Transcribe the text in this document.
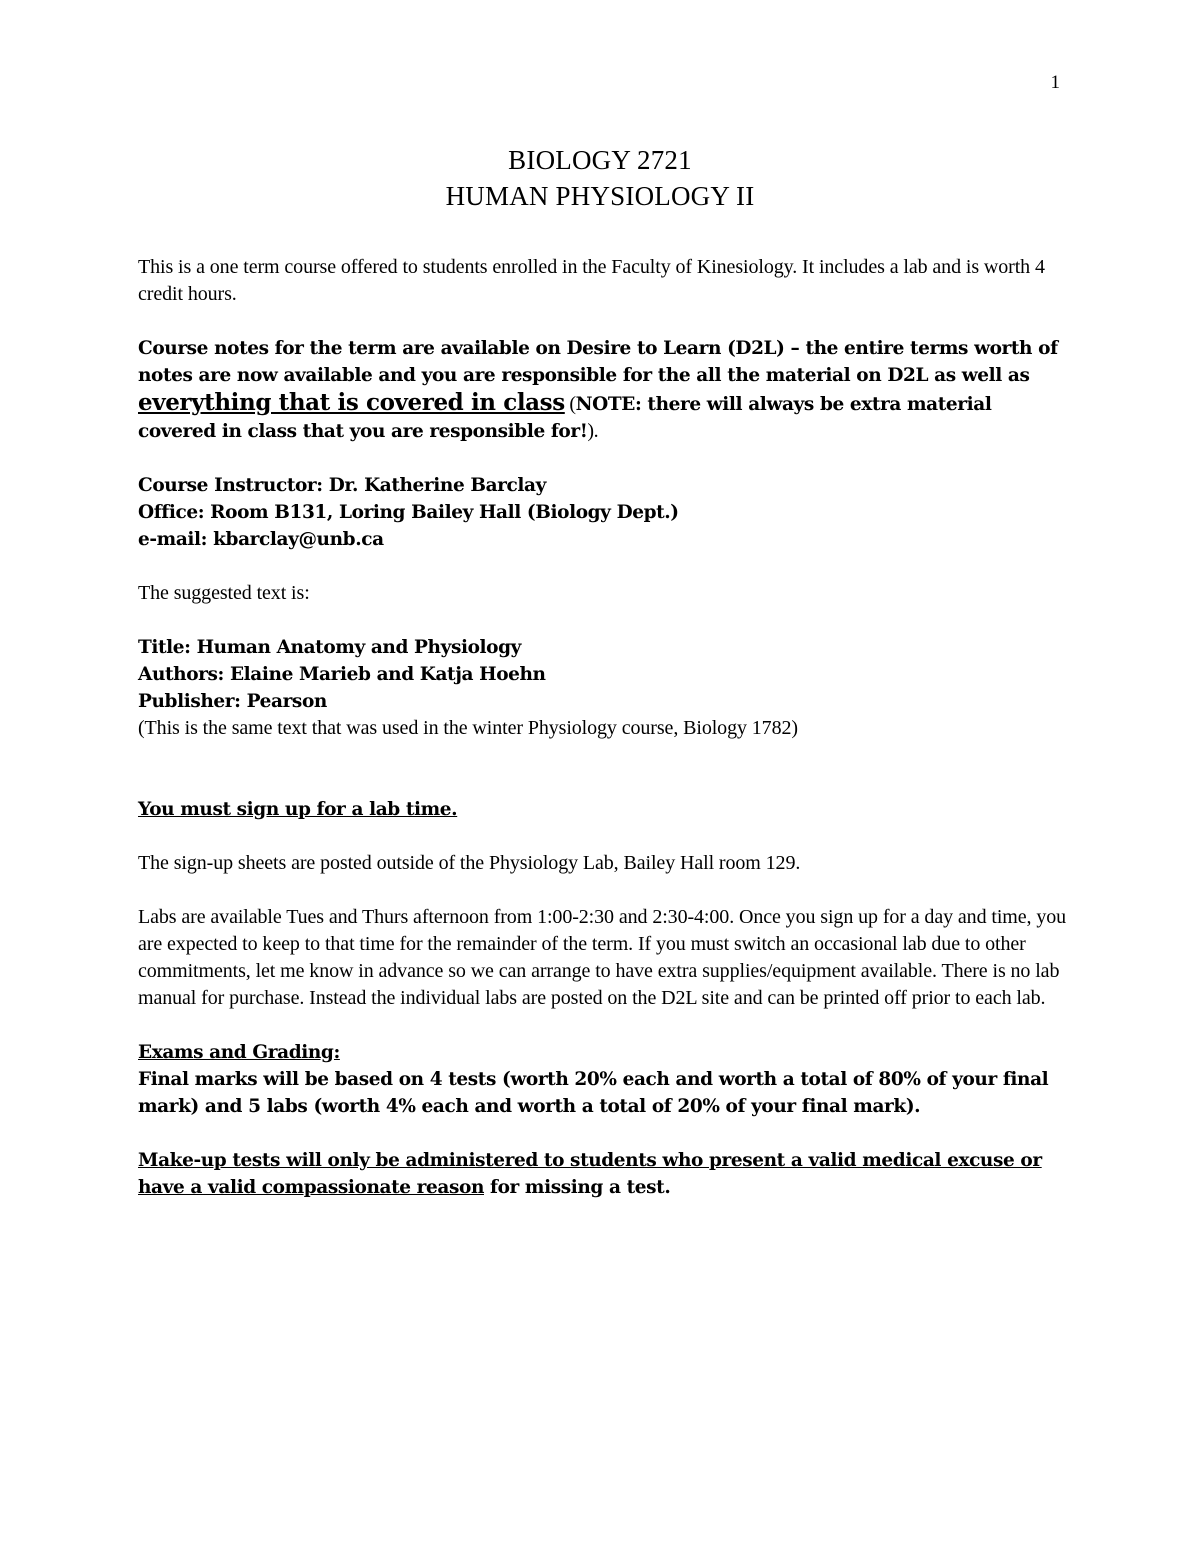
1
BIOLOGY 2721
HUMAN PHYSIOLOGY II

This is a one term course offered to students enrolled in the Faculty of Kinesiology. It includes a lab and is worth 4 credit hours.

Course notes for the term are available on Desire to Learn (D2L) – the entire terms worth of notes are now available and you are responsible for the all the material on D2L as well as everything that is covered in class (NOTE: there will always be extra material covered in class that you are responsible for!).

Course Instructor: Dr. Katherine Barclay

Office: Room B131, Loring Bailey Hall (Biology Dept.)

e-mail: kbarclay@unb.ca

The suggested text is:

Title: Human Anatomy and Physiology

Authors: Elaine Marieb and Katja Hoehn

Publisher: Pearson

(This is the same text that was used in the winter Physiology course, Biology 1782)

You must sign up for a lab time.

The sign-up sheets are posted outside of the Physiology Lab, Bailey Hall room 129.

Labs are available Tues and Thurs afternoon from 1:00-2:30 and 2:30-4:00. Once you sign up for a day and time, you are expected to keep to that time for the remainder of the term. If you must switch an occasional lab due to other commitments, let me know in advance so we can arrange to have extra supplies/equipment available. There is no lab manual for purchase. Instead the individual labs are posted on the D2L site and can be printed off prior to each lab.

Exams and Grading:

Final marks will be based on 4 tests (worth 20% each and worth a total of 80% of your final mark) and 5 labs (worth 4% each and worth a total of 20% of your final mark).

Make-up tests will only be administered to students who present a valid medical excuse or have a valid compassionate reason for missing a test.
